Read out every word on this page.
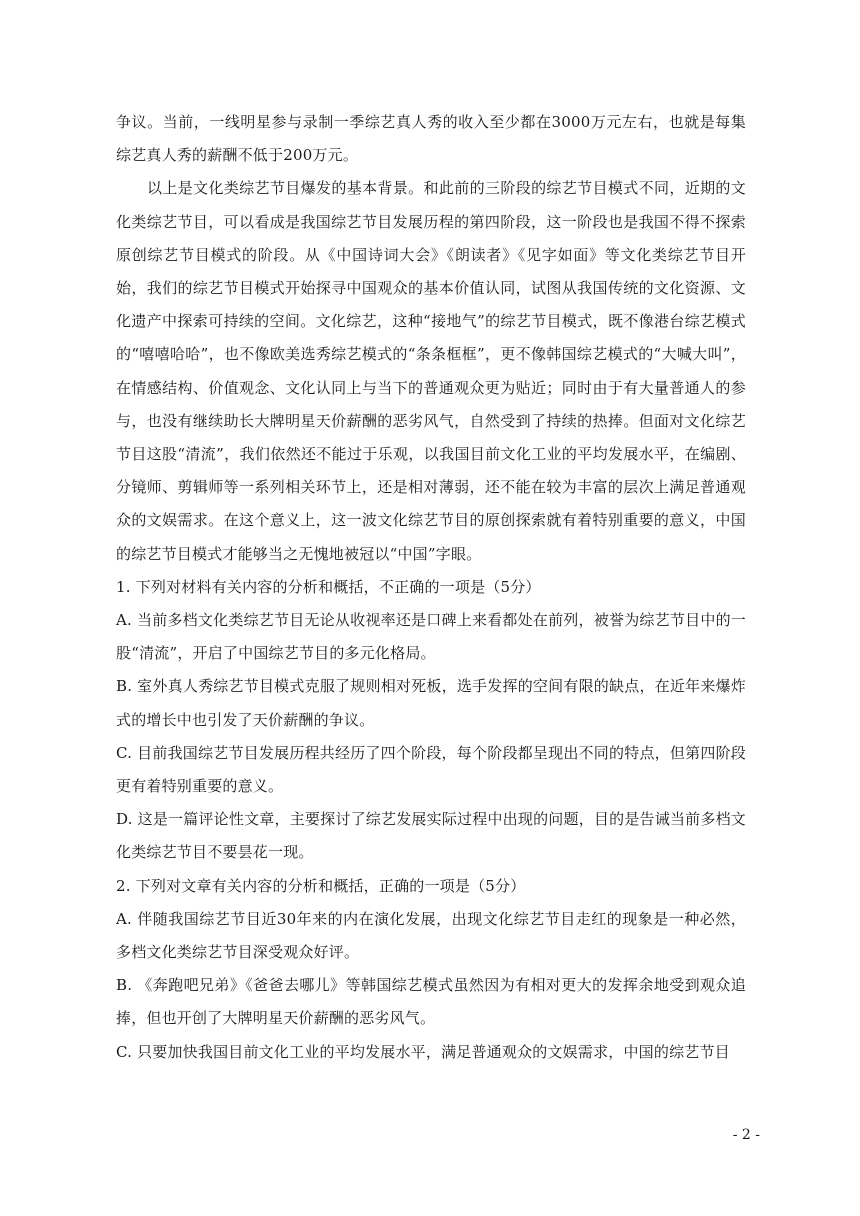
争议。当前，一线明星参与录制一季综艺真人秀的收入至少都在3000万元左右，也就是每集综艺真人秀的薪酬不低于200万元。

以上是文化类综艺节目爆发的基本背景。和此前的三阶段的综艺节目模式不同，近期的文化类综艺节目，可以看成是我国综艺节目发展历程的第四阶段，这一阶段也是我国不得不探索原创综艺节目模式的阶段。从《中国诗词大会》《朗读者》《见字如面》等文化类综艺节目开始，我们的综艺节目模式开始探寻中国观众的基本价值认同，试图从我国传统的文化资源、文化遗产中探索可持续的空间。文化综艺，这种“接地气”的综艺节目模式，既不像港台综艺模式的“嘻嘻哈哈”，也不像欧美选秀综艺模式的“条条框框”，更不像韩国综艺模式的“大喊大叫”，在情感结构、价值观念、文化认同上与当下的普通观众更为贴近；同时由于有大量普通人的参与，也没有继续助长大牌明星天价薪酬的恶劣风气，自然受到了持续的热捧。但面对文化综艺节目这股“清流”，我们依然还不能过于乐观，以我国目前文化工业的平均发展水平，在编剧、分镜师、剪辑师等一系列相关环节上，还是相对薄弱，还不能在较为丰富的层次上满足普通观众的文娱需求。在这个意义上，这一波文化综艺节目的原创探索就有着特别重要的意义，中国的综艺节目模式才能够当之无愧地被冠以“中国”字眼。

1. 下列对材料有关内容的分析和概括，不正确的一项是（5分）

A. 当前多档文化类综艺节目无论从收视率还是口碑上来看都处在前列，被誉为综艺节目中的一股“清流”，开启了中国综艺节目的多元化格局。

B. 室外真人秀综艺节目模式克服了规则相对死板，选手发挥的空间有限的缺点，在近年来爆炸式的增长中也引发了天价薪酬的争议。

C. 目前我国综艺节目发展历程共经历了四个阶段，每个阶段都呈现出不同的特点，但第四阶段更有着特别重要的意义。

D. 这是一篇评论性文章，主要探讨了综艺发展实际过程中出现的问题，目的是告诫当前多档文化类综艺节目不要昙花一现。

2. 下列对文章有关内容的分析和概括，正确的一项是（5分）

A. 伴随我国综艺节目近30年来的内在演化发展，出现文化综艺节目走红的现象是一种必然，多档文化类综艺节目深受观众好评。

B. 《奔跑吧兄弟》《爸爸去哪儿》等韩国综艺模式虽然因为有相对更大的发挥余地受到观众追捧，但也开创了大牌明星天价薪酬的恶劣风气。

C. 只要加快我国目前文化工业的平均发展水平，满足普通观众的文娱需求，中国的综艺节目

- 2 -
